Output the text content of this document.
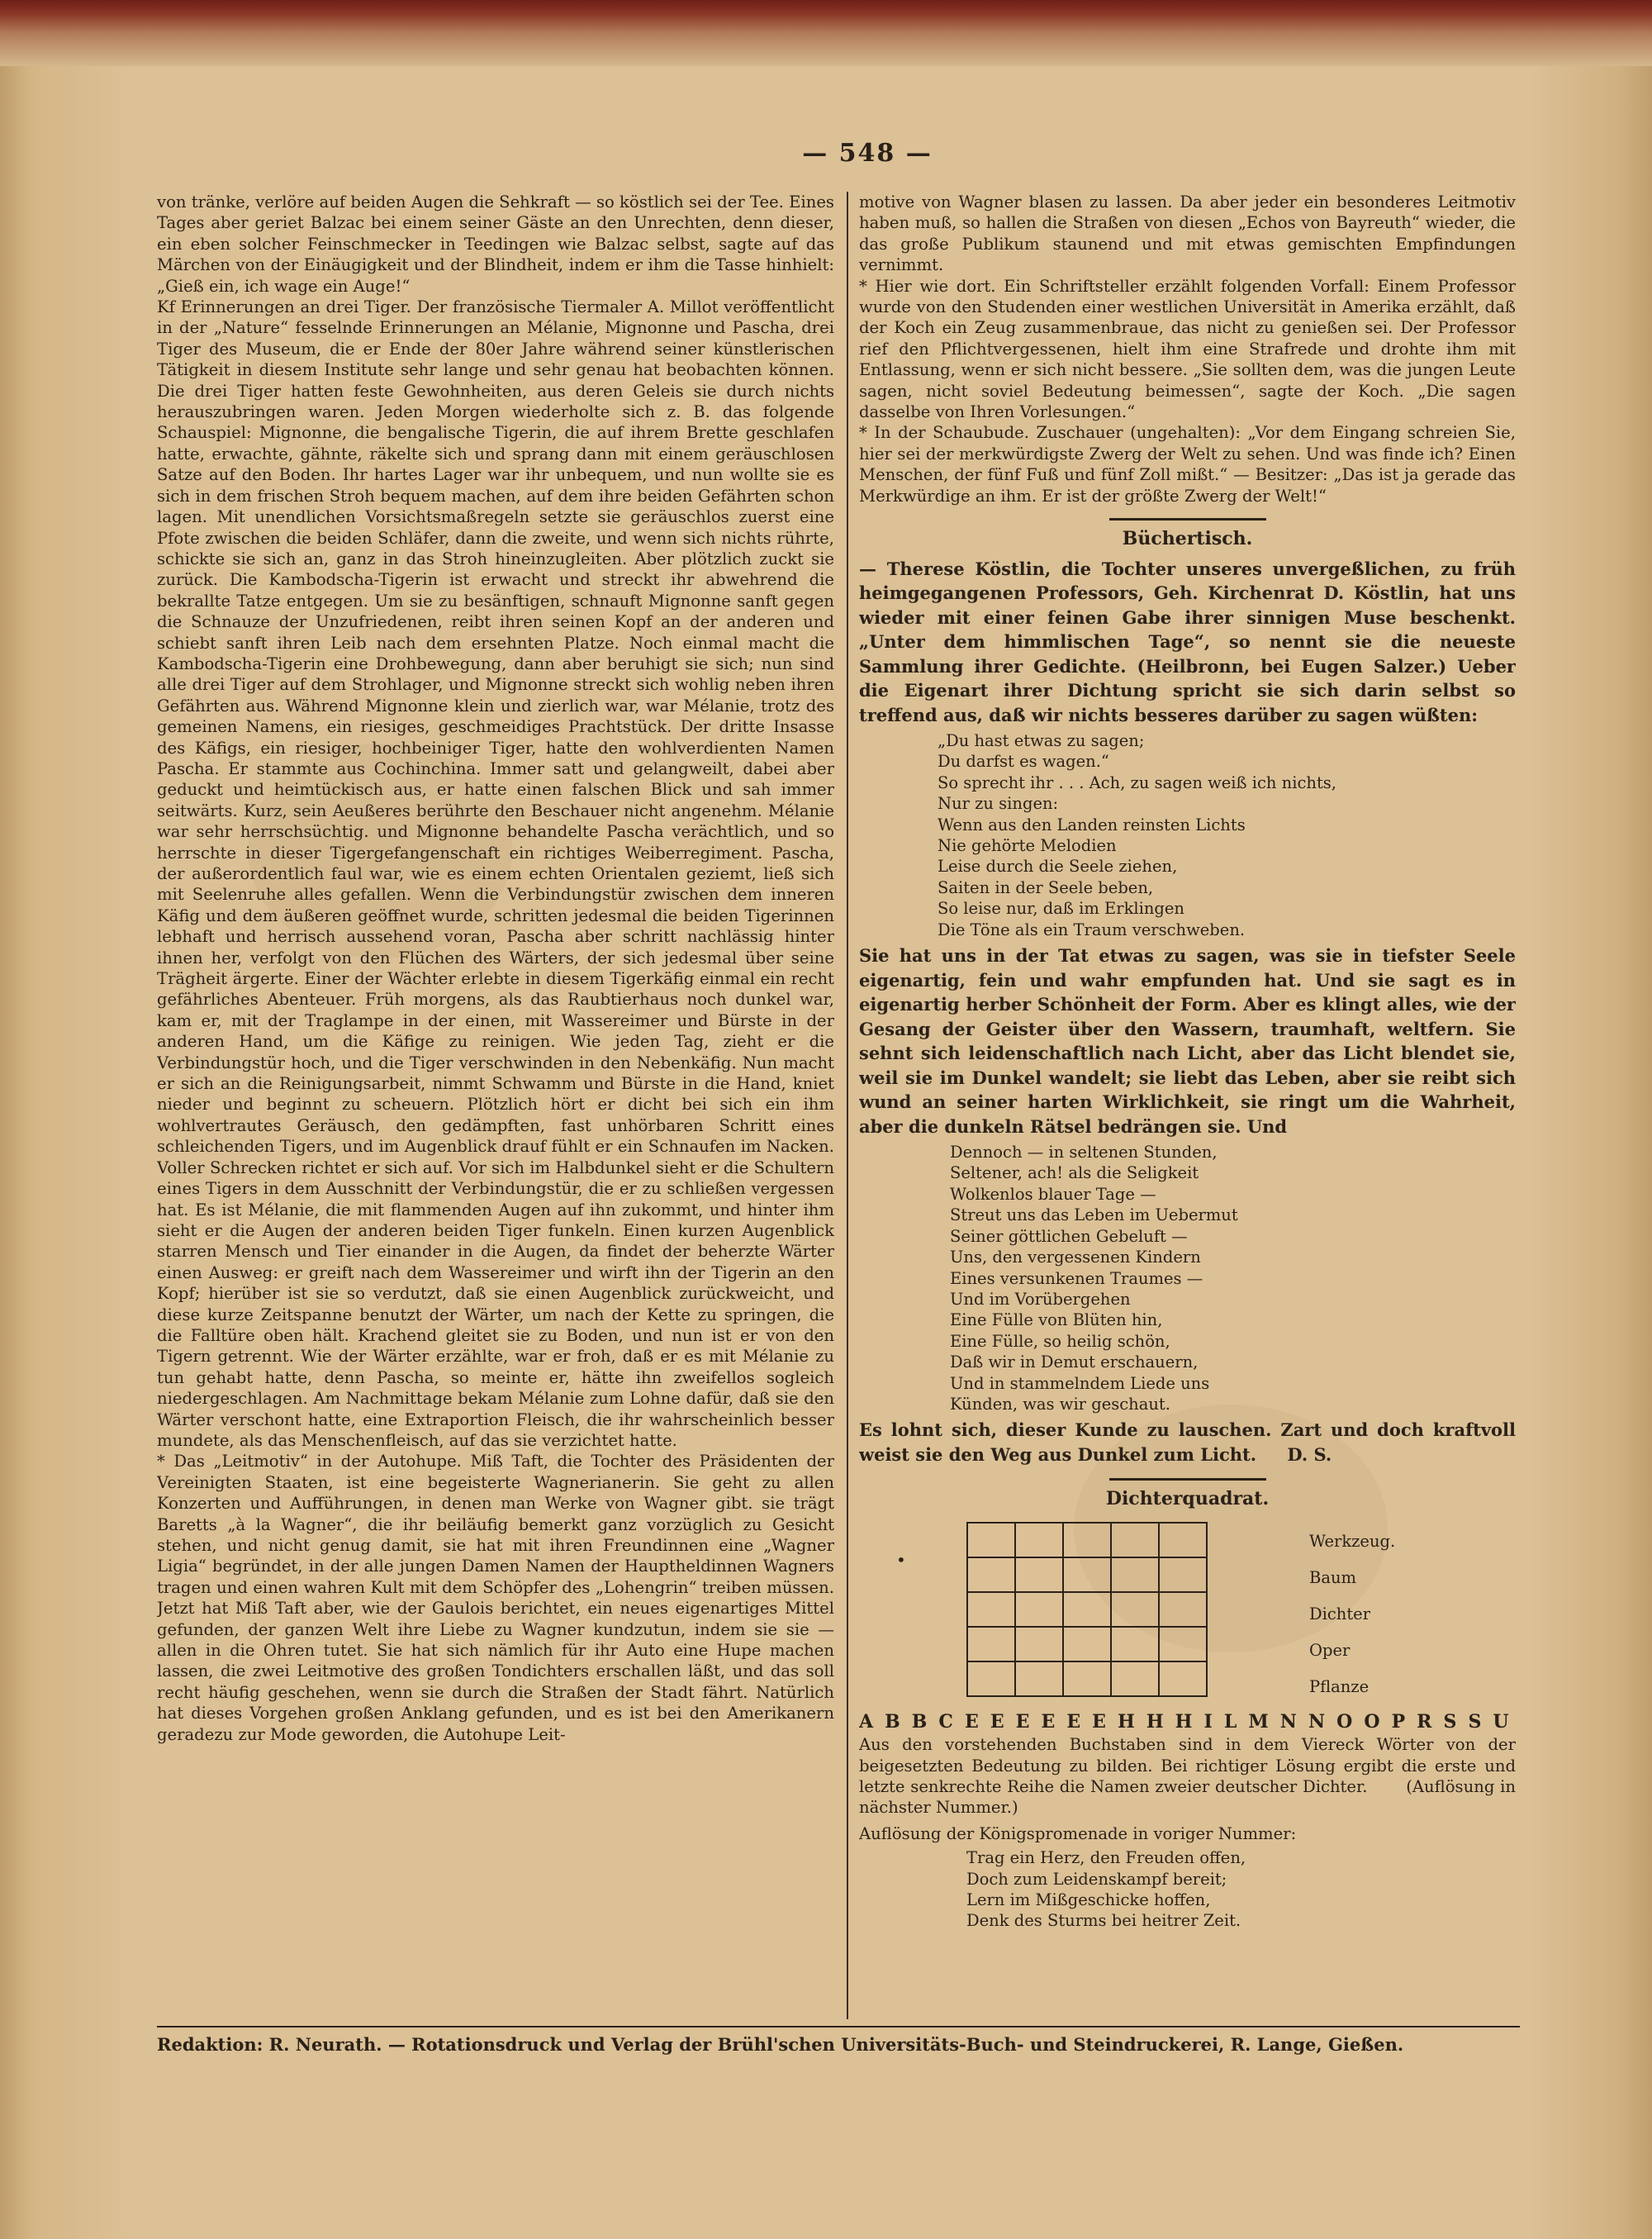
— 548 —

von tränke, verlöre auf beiden Augen die Sehkraft — so köstlich sei der Tee. Eines Tages aber geriet Balzac bei einem seiner Gäste an den Unrechten, denn dieser, ein eben solcher Feinschmecker in Teedingen wie Balzac selbst, sagte auf das Märchen von der Einäugigkeit und der Blindheit, indem er ihm die Tasse hinhielt: „Gieß ein, ich wage ein Auge!“

Kf Erinnerungen an drei Tiger. Der französische Tiermaler A. Millot veröffentlicht in der „Nature“ fesselnde Erinnerungen an Mélanie, Mignonne und Pascha, drei Tiger des Museum, die er Ende der 80er Jahre während seiner künstlerischen Tätigkeit in diesem Institute sehr lange und sehr genau hat beobachten können. Die drei Tiger hatten feste Gewohnheiten, aus deren Geleis sie durch nichts herauszubringen waren. Jeden Morgen wiederholte sich z. B. das folgende Schauspiel: Mignonne, die bengalische Tigerin, die auf ihrem Brette geschlafen hatte, erwachte, gähnte, räkelte sich und sprang dann mit einem geräuschlosen Satze auf den Boden. Ihr hartes Lager war ihr unbequem, und nun wollte sie es sich in dem frischen Stroh bequem machen, auf dem ihre beiden Gefährten schon lagen. Mit unendlichen Vorsichtsmaßregeln setzte sie geräuschlos zuerst eine Pfote zwischen die beiden Schläfer, dann die zweite, und wenn sich nichts rührte, schickte sie sich an, ganz in das Stroh hineinzugleiten. Aber plötzlich zuckt sie zurück. Die Kambodscha-Tigerin ist erwacht und streckt ihr abwehrend die bekrallte Tatze entgegen. Um sie zu besänftigen, schnauft Mignonne sanft gegen die Schnauze der Unzufriedenen, reibt ihren seinen Kopf an der anderen und schiebt sanft ihren Leib nach dem ersehnten Platze. Noch einmal macht die Kambodscha-Tigerin eine Drohbewegung, dann aber beruhigt sie sich; nun sind alle drei Tiger auf dem Strohlager, und Mignonne streckt sich wohlig neben ihren Gefährten aus. Während Mignonne klein und zierlich war, war Mélanie, trotz des gemeinen Namens, ein riesiges, geschmeidiges Prachtstück. Der dritte Insasse des Käfigs, ein riesiger, hochbeiniger Tiger, hatte den wohlverdienten Namen Pascha. Er stammte aus Cochinchina. Immer satt und gelangweilt, dabei aber geduckt und heimtückisch aus, er hatte einen falschen Blick und sah immer seitwärts. Kurz, sein Aeußeres berührte den Beschauer nicht angenehm. Mélanie war sehr herrschsüchtig. und Mignonne behandelte Pascha verächtlich, und so herrschte in dieser Tigergefangenschaft ein richtiges Weiberregiment. Pascha, der außerordentlich faul war, wie es einem echten Orientalen geziemt, ließ sich mit Seelenruhe alles gefallen. Wenn die Verbindungstür zwischen dem inneren Käfig und dem äußeren geöffnet wurde, schritten jedesmal die beiden Tigerinnen lebhaft und herrisch aussehend voran, Pascha aber schritt nachlässig hinter ihnen her, verfolgt von den Flüchen des Wärters, der sich jedesmal über seine Trägheit ärgerte. Einer der Wächter erlebte in diesem Tigerkäfig einmal ein recht gefährliches Abenteuer. Früh morgens, als das Raubtierhaus noch dunkel war, kam er, mit der Traglampe in der einen, mit Wassereimer und Bürste in der anderen Hand, um die Käfige zu reinigen. Wie jeden Tag, zieht er die Verbindungstür hoch, und die Tiger verschwinden in den Nebenkäfig. Nun macht er sich an die Reinigungsarbeit, nimmt Schwamm und Bürste in die Hand, kniet nieder und beginnt zu scheuern. Plötzlich hört er dicht bei sich ein ihm wohlvertrautes Geräusch, den gedämpften, fast unhörbaren Schritt eines schleichenden Tigers, und im Augenblick drauf fühlt er ein Schnaufen im Nacken. Voller Schrecken richtet er sich auf. Vor sich im Halbdunkel sieht er die Schultern eines Tigers in dem Ausschnitt der Verbindungstür, die er zu schließen vergessen hat. Es ist Mélanie, die mit flammenden Augen auf ihn zukommt, und hinter ihm sieht er die Augen der anderen beiden Tiger funkeln. Einen kurzen Augenblick starren Mensch und Tier einander in die Augen, da findet der beherzte Wärter einen Ausweg: er greift nach dem Wassereimer und wirft ihn der Tigerin an den Kopf; hierüber ist sie so verdutzt, daß sie einen Augenblick zurückweicht, und diese kurze Zeitspanne benutzt der Wärter, um nach der Kette zu springen, die die Falltüre oben hält. Krachend gleitet sie zu Boden, und nun ist er von den Tigern getrennt. Wie der Wärter erzählte, war er froh, daß er es mit Mélanie zu tun gehabt hatte, denn Pascha, so meinte er, hätte ihn zweifellos sogleich niedergeschlagen. Am Nachmittage bekam Mélanie zum Lohne dafür, daß sie den Wärter verschont hatte, eine Extraportion Fleisch, die ihr wahrscheinlich besser mundete, als das Menschenfleisch, auf das sie verzichtet hatte.

* Das „Leitmotiv“ in der Autohupe. Miß Taft, die Tochter des Präsidenten der Vereinigten Staaten, ist eine begeisterte Wagnerianerin. Sie geht zu allen Konzerten und Aufführungen, in denen man Werke von Wagner gibt. sie trägt Baretts „à la Wagner“, die ihr beiläufig bemerkt ganz vorzüglich zu Gesicht stehen, und nicht genug damit, sie hat mit ihren Freundinnen eine „Wagner Ligia“ begründet, in der alle jungen Damen Namen der Hauptheldinnen Wagners tragen und einen wahren Kult mit dem Schöpfer des „Lohengrin“ treiben müssen. Jetzt hat Miß Taft aber, wie der Gaulois berichtet, ein neues eigenartiges Mittel gefunden, der ganzen Welt ihre Liebe zu Wagner kundzutun, indem sie sie — allen in die Ohren tutet. Sie hat sich nämlich für ihr Auto eine Hupe machen lassen, die zwei Leitmotive des großen Tondichters erschallen läßt, und das soll recht häufig geschehen, wenn sie durch die Straßen der Stadt fährt. Natürlich hat dieses Vorgehen großen Anklang gefunden, und es ist bei den Amerikanern geradezu zur Mode geworden, die Autohupe Leit-

motive von Wagner blasen zu lassen. Da aber jeder ein besonderes Leitmotiv haben muß, so hallen die Straßen von diesen „Echos von Bayreuth“ wieder, die das große Publikum staunend und mit etwas gemischten Empfindungen vernimmt.

* Hier wie dort. Ein Schriftsteller erzählt folgenden Vorfall: Einem Professor wurde von den Studenden einer westlichen Universität in Amerika erzählt, daß der Koch ein Zeug zusammenbraue, das nicht zu genießen sei. Der Professor rief den Pflichtvergessenen, hielt ihm eine Strafrede und drohte ihm mit Entlassung, wenn er sich nicht bessere. „Sie sollten dem, was die jungen Leute sagen, nicht soviel Bedeutung beimessen“, sagte der Koch. „Die sagen dasselbe von Ihren Vorlesungen.“

* In der Schaubude. Zuschauer (ungehalten): „Vor dem Eingang schreien Sie, hier sei der merkwürdigste Zwerg der Welt zu sehen. Und was finde ich? Einen Menschen, der fünf Fuß und fünf Zoll mißt.“ — Besitzer: „Das ist ja gerade das Merkwürdige an ihm. Er ist der größte Zwerg der Welt!“

Büchertisch.

— Therese Köstlin, die Tochter unseres unvergeßlichen, zu früh heimgegangenen Professors, Geh. Kirchenrat D. Köstlin, hat uns wieder mit einer feinen Gabe ihrer sinnigen Muse beschenkt. „Unter dem himmlischen Tage“, so nennt sie die neueste Sammlung ihrer Gedichte. (Heilbronn, bei Eugen Salzer.) Ueber die Eigenart ihrer Dichtung spricht sie sich darin selbst so treffend aus, daß wir nichts besseres darüber zu sagen wüßten:

„Du hast etwas zu sagen;
Du darfst es wagen.“
So sprecht ihr . . . Ach, zu sagen weiß ich nichts,
Nur zu singen:
Wenn aus den Landen reinsten Lichts
Nie gehörte Melodien
Leise durch die Seele ziehen,
Saiten in der Seele beben,
So leise nur, daß im Erklingen
Die Töne als ein Traum verschweben.

Sie hat uns in der Tat etwas zu sagen, was sie in tiefster Seele eigenartig, fein und wahr empfunden hat. Und sie sagt es in eigenartig herber Schönheit der Form. Aber es klingt alles, wie der Gesang der Geister über den Wassern, traumhaft, weltfern. Sie sehnt sich leidenschaftlich nach Licht, aber das Licht blendet sie, weil sie im Dunkel wandelt; sie liebt das Leben, aber sie reibt sich wund an seiner harten Wirklichkeit, sie ringt um die Wahrheit, aber die dunkeln Rätsel bedrängen sie. Und

Dennoch — in seltenen Stunden,
Seltener, ach! als die Seligkeit
Wolkenlos blauer Tage —
Streut uns das Leben im Uebermut
Seiner göttlichen Gebeluft —
Uns, den vergessenen Kindern
Eines versunkenen Traumes —
Und im Vorübergehen
Eine Fülle von Blüten hin,
Eine Fülle, so heilig schön,
Daß wir in Demut erschauern,
Und in stammelndem Liede uns
Künden, was wir geschaut.

Es lohnt sich, dieser Kunde zu lauschen. Zart und doch kraftvoll weist sie den Weg aus Dunkel zum Licht. D. S.

Dichterquadrat.
•

Werkzeug.
Baum
Dichter
Oper
Pflanze
A B B C E E E E E E H H H I L M N N O O P R S S U

Aus den vorstehenden Buchstaben sind in dem Viereck Wörter von der beigesetzten Bedeutung zu bilden. Bei richtiger Lösung ergibt die erste und letzte senkrechte Reihe die Namen zweier deutscher Dichter. (Auflösung in nächster Nummer.)

Auflösung der Königspromenade in voriger Nummer:

Trag ein Herz, den Freuden offen,
Doch zum Leidenskampf bereit;
Lern im Mißgeschicke hoffen,
Denk des Sturms bei heitrer Zeit.
Redaktion: R. Neurath. — Rotationsdruck und Verlag der Brühl'schen Universitäts-Buch- und Steindruckerei, R. Lange, Gießen.
